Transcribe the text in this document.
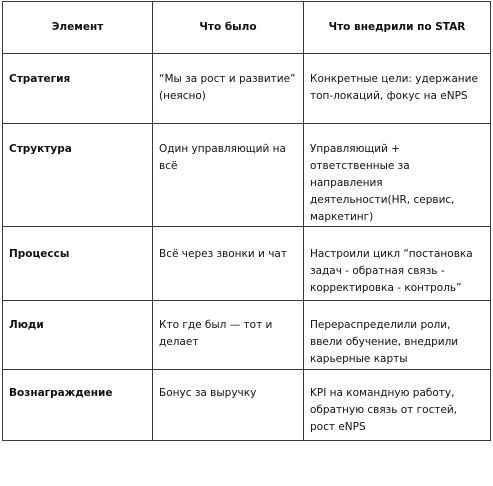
Элемент	Что было	Что внедрили по STAR
Стратегия	“Мы за рост и развитие” (неясно)	Конкретные цели: удержание топ-локаций, фокус на eNPS
Структура	Один управляющий на всё	Управляющий + ответственные за направления деятельности(HR, сервис, маркетинг)
Процессы	Всё через звонки и чат	Настроили цикл “постановка задач - обратная связь - корректировка - контроль”
Люди	Кто где был — тот и делает	Перераспределили роли, ввели обучение, внедрили карьерные карты
Вознаграждение	Бонус за выручку	KPI на командную работу, обратную связь от гостей, рост eNPS
